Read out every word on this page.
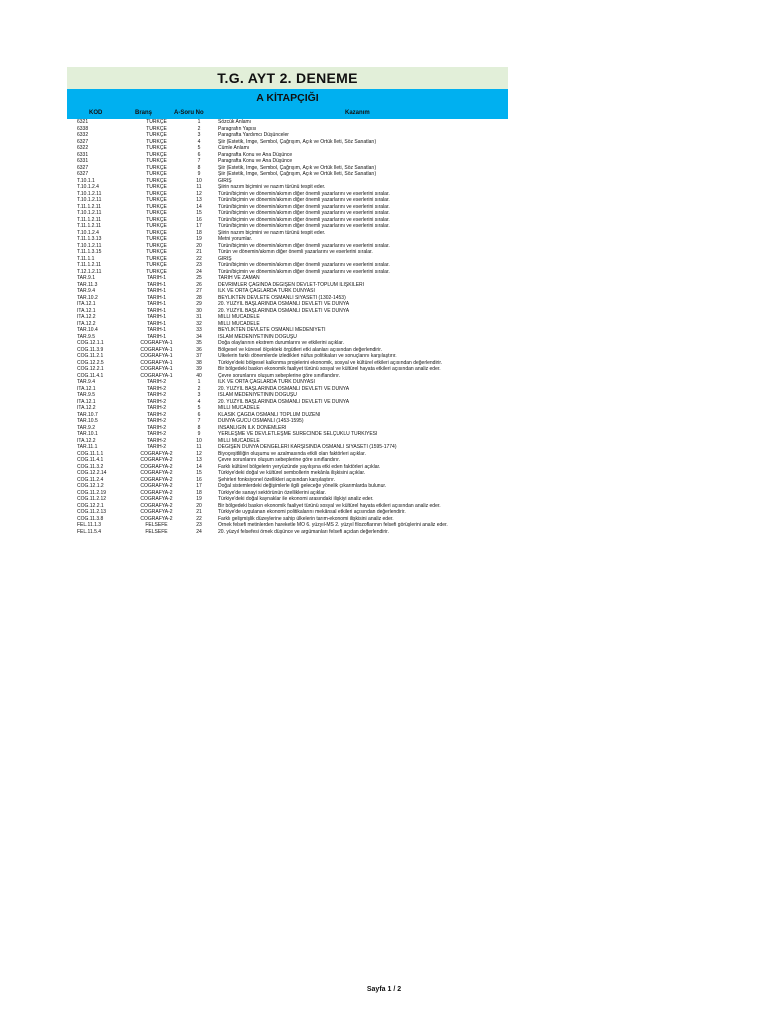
T.G. AYT 2. DENEME
A KİTAPÇIĞI
KOD	Branş	A-Soru No	Kazanım
6321	TÜRKÇE	1	Sözcük Anlamı
6338	TÜRKÇE	2	Paragrafın Yapısı
6332	TÜRKÇE	3	Paragrafta Yardımcı Düşünceler
6327	TÜRKÇE	4	Şiir (Estetik, İmge, Sembol, Çağrışım, Açık ve Örtük İleti, Söz Sanatları)
6322	TÜRKÇE	5	Cümle Anlamı
6331	TÜRKÇE	6	Paragrafta Konu ve Ana Düşünce
6331	TÜRKÇE	7	Paragrafta Konu ve Ana Düşünce
6327	TÜRKÇE	8	Şiir (Estetik, İmge, Sembol, Çağrışım, Açık ve Örtük İleti, Söz Sanatları)
6327	TÜRKÇE	9	Şiir (Estetik, İmge, Sembol, Çağrışım, Açık ve Örtük İleti, Söz Sanatları)
T.10.1.1	TÜRKÇE	10	GİRİŞ
T.10.1.2.4	TÜRKÇE	11	Şiirin nazım biçimini ve nazım türünü tespit eder.
T.10.1.2.11	TÜRKÇE	12	Türün/biçimin ve dönemin/akımın diğer önemli yazarlarını ve eserlerini sıralar.
T.10.1.2.11	TÜRKÇE	13	Türün/biçimin ve dönemin/akımın diğer önemli yazarlarını ve eserlerini sıralar.
T.11.1.2.11	TÜRKÇE	14	Türün/biçimin ve dönemin/akımın diğer önemli yazarlarını ve eserlerini sıralar.
T.10.1.2.11	TÜRKÇE	15	Türün/biçimin ve dönemin/akımın diğer önemli yazarlarını ve eserlerini sıralar.
T.11.1.2.11	TÜRKÇE	16	Türün/biçimin ve dönemin/akımın diğer önemli yazarlarını ve eserlerini sıralar.
T.11.1.2.11	TÜRKÇE	17	Türün/biçimin ve dönemin/akımın diğer önemli yazarlarını ve eserlerini sıralar.
T.10.1.2.4	TÜRKÇE	18	Şiirin nazım biçimini ve nazım türünü tespit eder.
T.11.1.3.13	TÜRKÇE	19	Metni yorumlar.
T.10.1.2.11	TÜRKÇE	20	Türün/biçimin ve dönemin/akımın diğer önemli yazarlarını ve eserlerini sıralar.
T.11.1.3.15	TÜRKÇE	21	Türün ve dönemin/akımın diğer önemli yazarlarını ve eserlerini sıralar.
T.11.1.1	TÜRKÇE	22	GİRİŞ
T.11.1.2.11	TÜRKÇE	23	Türün/biçimin ve dönemin/akımın diğer önemli yazarlarını ve eserlerini sıralar.
T.12.1.2.11	TÜRKÇE	24	Türün/biçimin ve dönemin/akımın diğer önemli yazarlarını ve eserlerini sıralar.
TAR.9.1	TARİH-1	25	TARİH VE ZAMAN
TAR.11.3	TARİH-1	26	DEVRİMLER ÇAĞINDA DEĞİŞEN DEVLET-TOPLUM İLİŞKİLERİ
TAR.9.4	TARİH-1	27	İLK VE ORTA ÇAĞLARDA TÜRK DÜNYASI
TAR.10.2	TARİH-1	28	BEYLİKTEN DEVLETE OSMANLI SİYASETİ (1302-1453)
İTA.12.1	TARİH-1	29	20. YÜZYIL BAŞLARINDA OSMANLI DEVLETİ VE DÜNYA
İTA.12.1	TARİH-1	30	20. YÜZYIL BAŞLARINDA OSMANLI DEVLETİ VE DÜNYA
İTA.12.2	TARİH-1	31	MİLLİ MÜCADELE
İTA.12.2	TARİH-1	32	MİLLİ MÜCADELE
TAR.10.4	TARİH-1	33	BEYLİKTEN DEVLETE OSMANLI MEDENİYETİ
TAR.9.5	TARİH-1	34	İSLAM MEDENİYETİNİN DOĞUŞU
COĞ.12.1.1	COĞRAFYA-1	35	Doğa olaylarının ekstrem durumlarını ve etkilerini açıklar.
COĞ.11.3.9	COĞRAFYA-1	36	Bölgesel ve küresel ölçekteki örgütleri etki alanları açısından değerlendirir.
COĞ.11.2.1	COĞRAFYA-1	37	Ülkelerin farklı dönemlerde izledikleri nüfus politikaları ve sonuçlarını karşılaştırır.
COĞ.12.2.5	COĞRAFYA-1	38	Türkiye'deki bölgesel kalkınma projelerini ekonomik, sosyal ve kültürel etkileri açısından değerlendirir.
COĞ.12.2.1	COĞRAFYA-1	39	Bir bölgedeki baskın ekonomik faaliyet türünü sosyal ve kültürel hayata etkileri açısından analiz eder.
COĞ.11.4.1	COĞRAFYA-1	40	Çevre sorunlarını oluşum sebeplerine göre sınıflandırır.
TAR.9.4	TARİH-2	1	İLK VE ORTA ÇAĞLARDA TÜRK DÜNYASI
İTA.12.1	TARİH-2	2	20. YÜZYIL BAŞLARINDA OSMANLI DEVLETİ VE DÜNYA
TAR.9.5	TARİH-2	3	İSLAM MEDENİYETİNİN DOĞUŞU
İTA.12.1	TARİH-2	4	20. YÜZYIL BAŞLARINDA OSMANLI DEVLETİ VE DÜNYA
İTA.12.2	TARİH-2	5	MİLLİ MÜCADELE
TAR.10.7	TARİH-2	6	KLASİK ÇAĞDA OSMANLI TOPLUM DÜZENİ
TAR.10.5	TARİH-2	7	DÜNYA GÜCÜ OSMANLI (1453-1595)
TAR.9.2	TARİH-2	8	İNSANLIĞIN İLK DÖNEMLERİ
TAR.10.1	TARİH-2	9	YERLEŞME VE DEVLETLEŞME SÜRECİNDE SELÇUKLU TÜRKİYESİ
İTA.12.2	TARİH-2	10	MİLLİ MÜCADELE
TAR.11.1	TARİH-2	11	DEĞİŞEN DÜNYA DENGELERİ KARŞISINDA OSMANLI SİYASETİ (1595-1774)
COĞ.11.1.1	COĞRAFYA-2	12	Biyoçeşitliliğin oluşumu ve azalmasında etkili olan faktörleri açıklar.
COĞ.11.4.1	COĞRAFYA-2	13	Çevre sorunlarını oluşum sebeplerine göre sınıflandırır.
COĞ.11.3.2	COĞRAFYA-2	14	Farklı kültürel bölgelerin yeryüzünde yayılışına etki eden faktörleri açıklar.
COĞ.12.2.14	COĞRAFYA-2	15	Türkiye'deki doğal ve kültürel sembollerin mekânla ilişkisini açıklar.
COĞ.11.2.4	COĞRAFYA-2	16	Şehirleri fonksiyonel özellikleri açısından karşılaştırır.
COĞ.12.1.2	COĞRAFYA-2	17	Doğal sistemlerdeki değişimlerle ilgili geleceğe yönelik çıkarımlarda bulunur.
COĞ.11.2.19	COĞRAFYA-2	18	Türkiye'de sanayi sektörünün özelliklerini açıklar.
COĞ.11.2.12	COĞRAFYA-2	19	Türkiye'deki doğal kaynaklar ile ekonomi arasındaki ilişkiyi analiz eder.
COĞ.12.2.1	COĞRAFYA-2	20	Bir bölgedeki baskın ekonomik faaliyet türünü sosyal ve kültürel hayata etkileri açısından analiz eder.
COĞ.11.2.13	COĞRAFYA-2	21	Türkiye'de uygulanan ekonomi politikalarını mekânsal etkileri açısından değerlendirir.
COĞ.11.3.8	COĞRAFYA-2	22	Farklı gelişmişlik düzeylerine sahip ülkelerin tarım-ekonomi ilişkisini analiz eder.
FEL.11.1.3	FELSEFE	23	Örnek felsefi metinlerden hareketle MÖ 6. yüzyıl-MS 2. yüzyıl filozoflarının felsefi görüşlerini analiz eder.
FEL.11.5.4	FELSEFE	24	20. yüzyıl felsefesi örnek düşünce ve argümanları felsefi açıdan değerlendirir.
Sayfa 1 / 2
